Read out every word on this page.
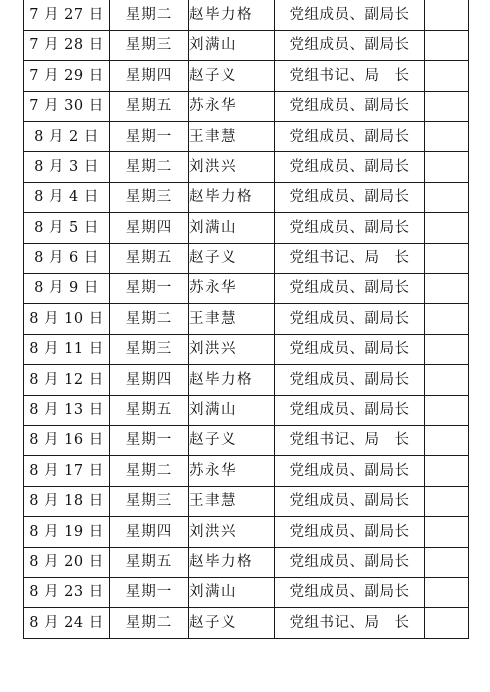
7 月 27 日	星期二	赵毕力格	党组成员、副局长	
7 月 28 日	星期三	刘满山	党组成员、副局长	
7 月 29 日	星期四	赵子义	党组书记、局　长	
7 月 30 日	星期五	苏永华	党组成员、副局长	
8 月 2 日	星期一	王聿慧	党组成员、副局长	
8 月 3 日	星期二	刘洪兴	党组成员、副局长	
8 月 4 日	星期三	赵毕力格	党组成员、副局长	
8 月 5 日	星期四	刘满山	党组成员、副局长	
8 月 6 日	星期五	赵子义	党组书记、局　长	
8 月 9 日	星期一	苏永华	党组成员、副局长	
8 月 10 日	星期二	王聿慧	党组成员、副局长	
8 月 11 日	星期三	刘洪兴	党组成员、副局长	
8 月 12 日	星期四	赵毕力格	党组成员、副局长	
8 月 13 日	星期五	刘满山	党组成员、副局长	
8 月 16 日	星期一	赵子义	党组书记、局　长	
8 月 17 日	星期二	苏永华	党组成员、副局长	
8 月 18 日	星期三	王聿慧	党组成员、副局长	
8 月 19 日	星期四	刘洪兴	党组成员、副局长	
8 月 20 日	星期五	赵毕力格	党组成员、副局长	
8 月 23 日	星期一	刘满山	党组成员、副局长	
8 月 24 日	星期二	赵子义	党组书记、局　长	
